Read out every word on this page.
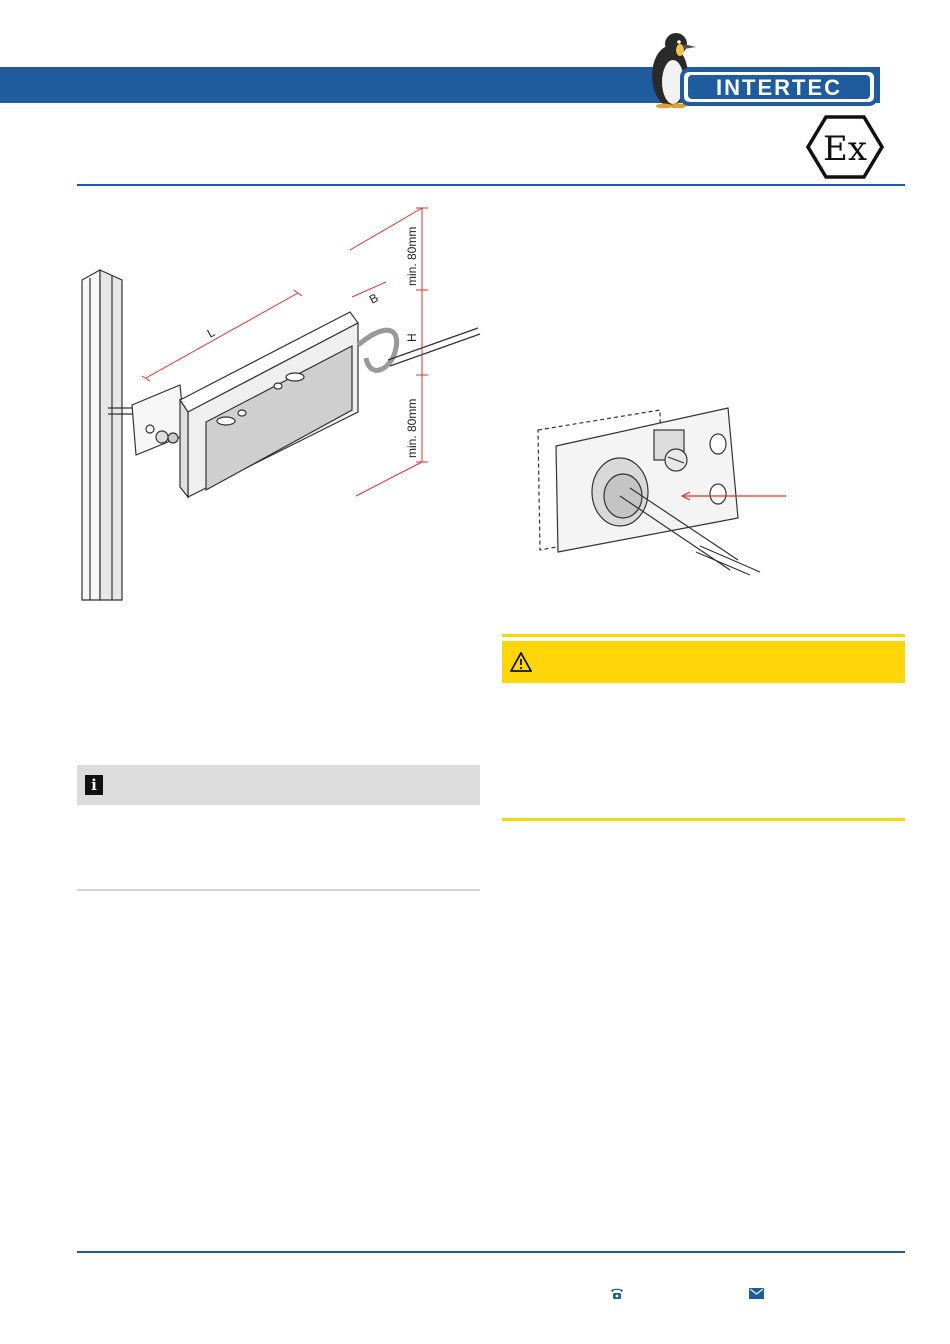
INTERTEC
Ex
L
B
H
min. 80mm
min. 80mm
i
